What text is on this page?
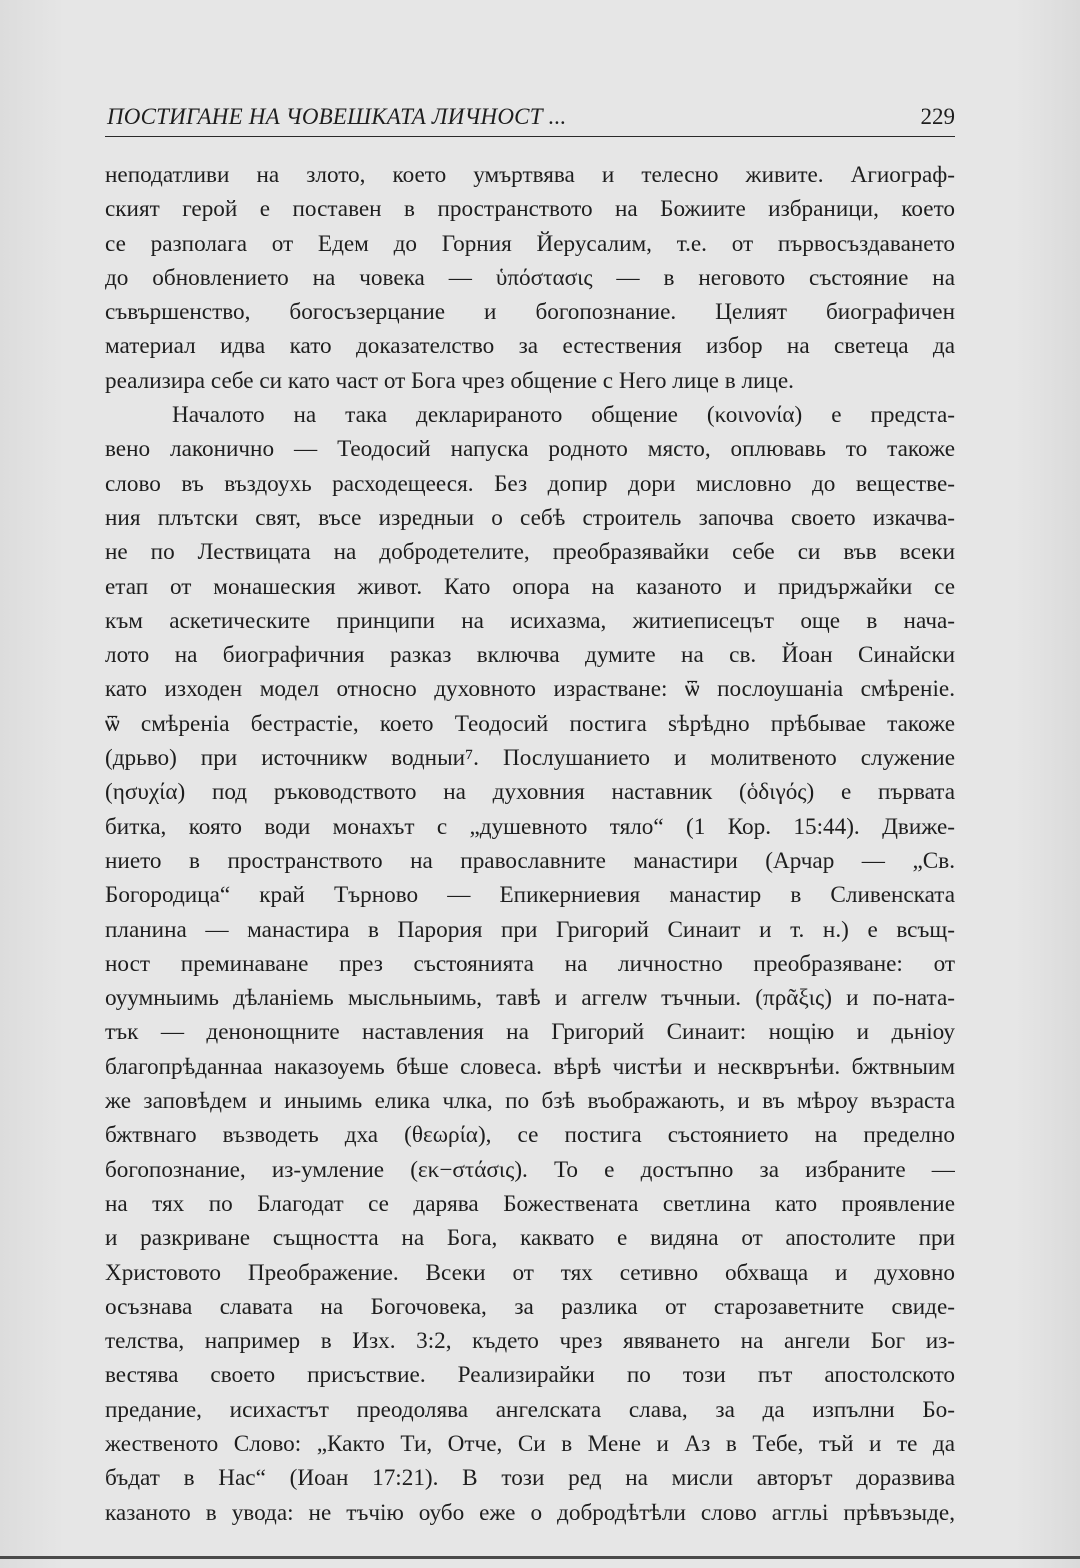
ПОСТИГАНЕ НА ЧОВЕШКАТА ЛИЧНОСТ ...	229
неподатливи на злото, което умъртвява и телесно живите. Агиограф-
ският герой е поставен в пространството на Божиите избраници, което
се разполага от Едем до Горния Йерусалим, т.е. от първосъздаването
до обновлението на човека — ὑπόστασις — в неговото състояние на
съвършенство, богосъзерцание и богопознание. Целият биографичен
материал идва като доказателство за естествения избор на светеца да
реализира себе си като част от Бога чрез общение с Него лице в лице.
Началото на така декларираното общение (κοινονία) е предста-
вено лаконично — Теодосий напуска родното място, оплювавь то такоже
слово въ въздоухь расходещееся. Без допир дори мисловно до веществе-
ния плътски свят, въсе изредныи о себѣ строитель започва своето изкачва-
не по Лествицата на добродетелите, преобразявайки себе си във всеки
етап от монашеския живот. Като опора на казаното и придържайки се
към аскетическите принципи на исихазма, житиеписецът още в нача-
лото на биографичния разказ включва думите на св. Йоан Синайски
като изходен модел относно духовното израстване: ѿ послоушаніа смѣреніе.
ѿ смѣреніа бестрастіе, което Теодосий постига ѕѣрѣдно прѣбывае такоже
(дрьво) при источникѡ водныи⁷. Послушанието и молитвеното служение
(ησυχία) под ръководството на духовния наставник (ὁδιγός) е първата
битка, която води монахът с „душевното тяло“ (1 Кор. 15:44). Движе-
нието в пространството на православните манастири (Арчар — „Св.
Богородица“ край Търново — Епикерниевия манастир в Сливенската
планина — манастира в Парория при Григорий Синаит и т. н.) е всъщ-
ност преминаване през състоянията на личностно преобразяване: от
оуумныимь дѣланіемь мысльныимь, тавѣ и аггелѡ тъчныи. (πρᾶξις) и по-ната-
тък — денонощните наставления на Григорий Синаит: нощію и дьніоу
благопрѣданнаа наказоуемь бѣше словеса. вѣрѣ чистѣи и нескврънѣи. бжтвныим
же заповѣдем и иныимь елика члка, по бзѣ въображають, и въ мѣроу възраста
бжтвнаго възводеть дха (θεωρία), се постига състоянието на пределно
богопознание, из-умление (εκ−στάσις). То е достъпно за избраните —
на тях по Благодат се дарява Божествената светлина като проявление
и разкриване същността на Бога, каквато е видяна от апостолите при
Христовото Преображение. Всеки от тях сетивно обхваща и духовно
осъзнава славата на Богочовека, за разлика от старозаветните свиде-
телства, например в Изх. 3:2, където чрез явяването на ангели Бог из-
вестява своето присъствие. Реализирайки по този път апостолското
предание, исихастът преодолява ангелската слава, за да изпълни Бо-
жественото Слово: „Както Ти, Отче, Си в Мене и Аз в Тебе, тъй и те да
бъдат в Нас“ (Иоан 17:21). В този ред на мисли авторът доразвива
казаното в увода: не тъчію оубо еже о добродѣтѣли слово аггльі прѣвъзыде,
